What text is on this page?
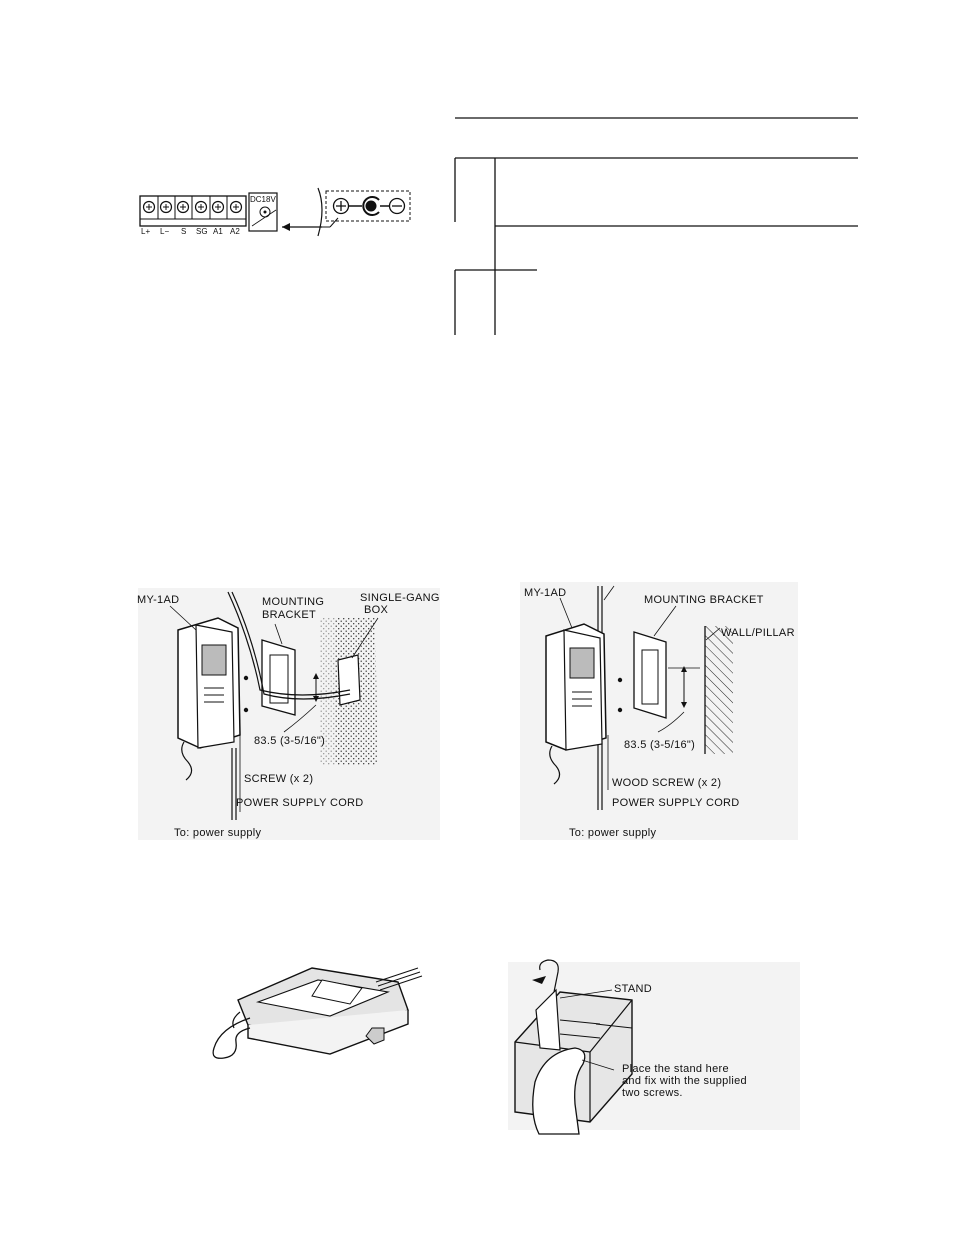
L+ L− S SG A1 A2
DC18V
MY-1AD	MOUNTING
BRACKET
SINGLE-GANG
BOX
83.5 (3-5/16")
SCREW (x 2)
POWER SUPPLY CORD
To: power supply
MY-1AD
MOUNTING BRACKET
WALL/PILLAR
83.5 (3-5/16")
WOOD SCREW (x 2)
POWER SUPPLY CORD
To: power supply
STAND
Place the stand here
and fix with the supplied
two screws.
